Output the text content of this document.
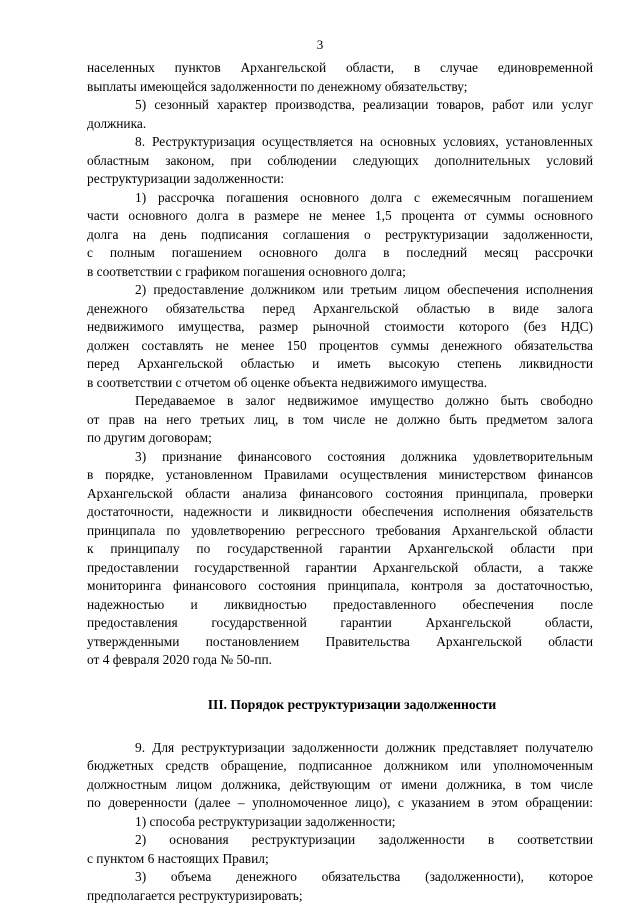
3
населенных пунктов Архангельской области, в случае единовременной
выплаты имеющейся задолженности по денежному обязательству;
5) сезонный характер производства, реализации товаров, работ или услуг
должника.
8. Реструктуризация осуществляется на основных условиях, установленных
областным законом, при соблюдении следующих дополнительных условий
реструктуризации задолженности:
1) рассрочка погашения основного долга с ежемесячным погашением
части основного долга в размере не менее 1,5 процента от суммы основного
долга на день подписания соглашения о реструктуризации задолженности,
с полным погашением основного долга в последний месяц рассрочки
в соответствии с графиком погашения основного долга;
2) предоставление должником или третьим лицом обеспечения исполнения
денежного обязательства перед Архангельской областью в виде залога
недвижимого имущества, размер рыночной стоимости которого (без НДС)
должен составлять не менее 150 процентов суммы денежного обязательства
перед Архангельской областью и иметь высокую степень ликвидности
в соответствии с отчетом об оценке объекта недвижимого имущества.
Передаваемое в залог недвижимое имущество должно быть свободно
от прав на него третьих лиц, в том числе не должно быть предметом залога
по другим договорам;
3) признание финансового состояния должника удовлетворительным
в порядке, установленном Правилами осуществления министерством финансов
Архангельской области анализа финансового состояния принципала, проверки
достаточности, надежности и ликвидности обеспечения исполнения обязательств
принципала по удовлетворению регрессного требования Архангельской области
к принципалу по государственной гарантии Архангельской области при
предоставлении государственной гарантии Архангельской области, а также
мониторинга финансового состояния принципала, контроля за достаточностью,
надежностью и ликвидностью предоставленного обеспечения после
предоставления государственной гарантии Архангельской области,
утвержденными постановлением Правительства Архангельской области
от 4 февраля 2020 года № 50-пп.
III. Порядок реструктуризации задолженности
9. Для реструктуризации задолженности должник представляет получателю
бюджетных средств обращение, подписанное должником или уполномоченным
должностным лицом должника, действующим от имени должника, в том числе
по доверенности (далее – уполномоченное лицо), с указанием в этом обращении:
1) способа реструктуризации задолженности;
2) основания реструктуризации задолженности в соответствии
с пунктом 6 настоящих Правил;
3) объема денежного обязательства (задолженности), которое
предполагается реструктуризировать;
